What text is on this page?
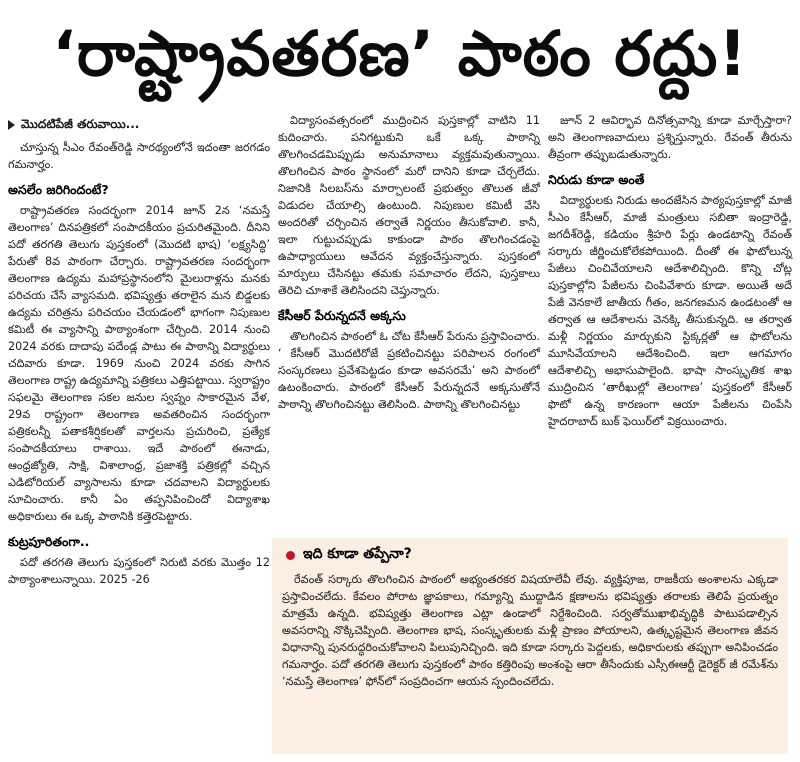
‘రాష్ట్రావతరణ’ పాఠం రద్దు!
మొదటిపేజీ తరువాయి...

చూస్తున్న సీఎం రేవంత్‌రెడ్డి సారథ్యంలోనే ఇదంతా జరగడం గమనార్హం.

అసలేం జరిగిందంటే?

రాష్ట్రావతరణ సందర్భంగా 2014 జూన్‌ 2న ‘నమస్తే తెలంగాణ’ దినపత్రికలో సంపాదకీయం ప్రచురితమైంది. దీనిని పదో తరగతి తెలుగు పుస్తకంలో (మొదటి భాష) ‘లక్ష్యసిద్ధి’ పేరుతో 8వ పాఠంగా చేర్చారు. రాష్ట్రావతరణ సందర్భంగా తెలంగాణ ఉద్యమ మహాప్రస్థానంలోని మైలురాళ్లను మనకు పరిచయ చేసే వ్యాసమది. భవిష్యత్తు తరాలైన మన బిడ్డలకు ఉద్యమ చరిత్రను పరిచయం చేయడంలో భాగంగా నిపుణుల కమిటీ ఈ వ్యాసాన్ని పాఠ్యాంశంగా చేర్చింది. 2014 నుంచి 2024 వరకు దాదాపు పదేండ్ల పాటు ఈ పాఠాన్ని విద్యార్థులు చదివారు కూడా. 1969 నుంచి 2024 వరకు సాగిన తెలంగాణ రాష్ట్ర ఉద్యమాన్ని పత్రికలు ఎత్తిపట్టాయి. స్వరాష్ట్రం సఫలమై తెలంగాణ సకల జనుల స్వప్నం సాకారమైన వేళ, 29వ రాష్ట్రంగా తెలంగాణ అవతరించిన సందర్భంగా పత్రికలన్నీ పతాకశీర్షికలతో వార్తలను ప్రచురించి, ప్రత్యేక సంపాదకీయాలు రాశాయి. ఇదే పాఠంలో ఈనాడు, ఆంధ్రజ్యోతి, సాక్షి, విశాలాంధ్ర, ప్రజాశక్తి పత్రికల్లో వచ్చిన ఎడిటోరియల్‌ వ్యాసాలను కూడా చదవాలని విద్యార్థులకు సూచించారు. కానీ ఏం తప్పనిపించిందో విద్యాశాఖ అధికారులు ఈ ఒక్క పాఠానికి కత్తెరపెట్టారు.

కుట్రపూరితంగా..

పదో తరగతి తెలుగు పుస్తకంలో నిరుటి వరకు మొత్తం 12 పాఠ్యాంశాలున్నాయి. 2025 -26

విద్యాసంవత్సరంలో ముద్రించిన పుస్తకాల్లో వాటిని 11 కుదించారు. పనిగట్టుకుని ఒకే ఒక్క పాఠాన్ని తొలగించడమిప్పుడు అనుమానాలు వ్యక్తమవుతున్నాయి. తొలగించిన పాఠం స్థానంలో మరో దానిని కూడా చేర్చలేదు. నిజానికి సిలబస్‌ను మార్చాలంటే ప్రభుత్వం తొలుత జీవో విడుదల చేయాల్సి ఉంటుంది. నిపుణుల కమిటీ వేసి అందరితో చర్చించిన తర్వాతే నిర్ణయం తీసుకోవాలి. కానీ, ఇలా గుట్టుచప్పుడు కాకుండా పాఠం తొలగించడంపై ఉపాధ్యాయులు ఆవేదన వ్యక్తంచేస్తున్నారు. పుస్తకంలో మార్పులు చేసినట్టు తమకు సమాచారం లేదని, పుస్తకాలు తెరిచి చూశాకే తెలిసిందని చెప్తున్నారు.

కేసీఆర్‌ పేరున్నదనే అక్కసు

తొలగించిన పాఠంలో ఓ చోట కేసీఆర్‌ పేరును ప్రస్తావించారు. ‘ కేసీఆర్‌ మొదటిరోజే ప్రకటించినట్టు పరిపాలన రంగంలో సంస్కరణలు ప్రవేశపెట్టడం కూడా అవసరమే’ అని పాఠంలో ఉటంకించారు. పాఠంలో కేసీఆర్‌ పేరున్నదనే అక్కసుతోనే పాఠాన్ని తొలగించినట్టు తెలిసింది. పాఠాన్ని తొలగించినట్టు

జూన్‌ 2 ఆవిర్భావ దినోత్సవాన్ని కూడా మార్చేస్తారా? అని తెలంగాణవాదులు ప్రశ్నిస్తున్నారు. రేవంత్‌ తీరును తీవ్రంగా తప్పుబడుతున్నారు.

నిరుడు కూడా అంతే

విద్యార్థులకు నిరుడు అందజేసిన పాఠ్యపుస్తకాల్లో మాజీ సీఎం కేసీఆర్‌, మాజీ మంత్రులు సబితా ఇంద్రారెడ్డి, జగదీశ్‌రెడ్డి, కడియం శ్రీహరి పేర్లు ఉండటాన్ని రేవంత్‌ సర్కారు జీర్ణించుకోలేకపోయింది. దీంతో ఈ ఫొటోలున్న పేజీలు చించివేయాలని ఆదేశాలిచ్చింది. కొన్ని చోట్ల పుస్తకాల్లోని పేజీలను చింపివేశారు కూడా. అయితే అదే పేజీ వెనకాలే జాతీయ గీతం, జనగణమన ఉండటంతో ఆ తర్వాత ఆ ఆదేశాలను వెనక్కి తీసుకున్నది. ఆ తర్వాత మళ్లీ నిర్ణయం మార్చుకుని స్టిక్కర్లతో ఆ ఫొటోలను మూసివేయాలని ఆదేశించింది. ఇలా ఆగమాగం ఆదేశాలిచ్చి అభాసుపాలైంది. భాషా సాంస్కృతిక శాఖ ముద్రించిన ‘తారీఖుల్లో తెలంగాణ’ పుస్తకంలో కేసీఆర్‌ ఫొటో ఉన్న కారణంగా ఆయా పేజీలను చింపేసి హైదరాబాద్‌ బుక్‌ ఫెయిర్‌లో విక్రయించారు.

ఇది కూడా తప్పేనా?

రేవంత్‌ సర్కారు తొలగించిన పాఠంలో అభ్యంతరకర విషయాలేవీ లేవు. వ్యక్తిపూజ, రాజకీయ అంశాలను ఎక్కడా ప్రస్తావించలేదు. కేవలం పోరాట జ్ఞాపకాలు, గమ్యాన్ని ముద్దాడిన క్షణాలను భవిష్యత్తు తరాలకు తెలిపే ప్రయత్నం మాత్రమే ఉన్నది. భవిష్యత్తు తెలంగాణ ఎట్లా ఉండాలో నిర్దేశించింది. సర్వతోముఖాభివృద్ధికి పాటుపడాల్సిన అవసరాన్ని నొక్కిచెప్పింది. తెలంగాణ భాష, సంస్కృతులకు మళ్లీ ప్రాణం పోయాలని, ఉత్కృష్టమైన తెలంగాణ జీవన విధానాన్ని పునరుద్ధరించుకోవాలని పిలుపునిచ్చింది. ఇది కూడా సర్కారు పెద్దలకు, అధికారులకు తప్పుగా అనిపించడం గమనార్హం. పదో తరగతి తెలుగు పుస్తకంలో పాఠం కత్తిరింపు అంశంపై ఆరా తీసేందుకు ఎస్సీఈఆర్టీ డైరెక్టర్‌ జీ రమేశ్‌ను ‘నమస్తే తెలంగాణ’ ఫోన్‌లో సంప్రదించగా ఆయన స్పందించలేదు.
